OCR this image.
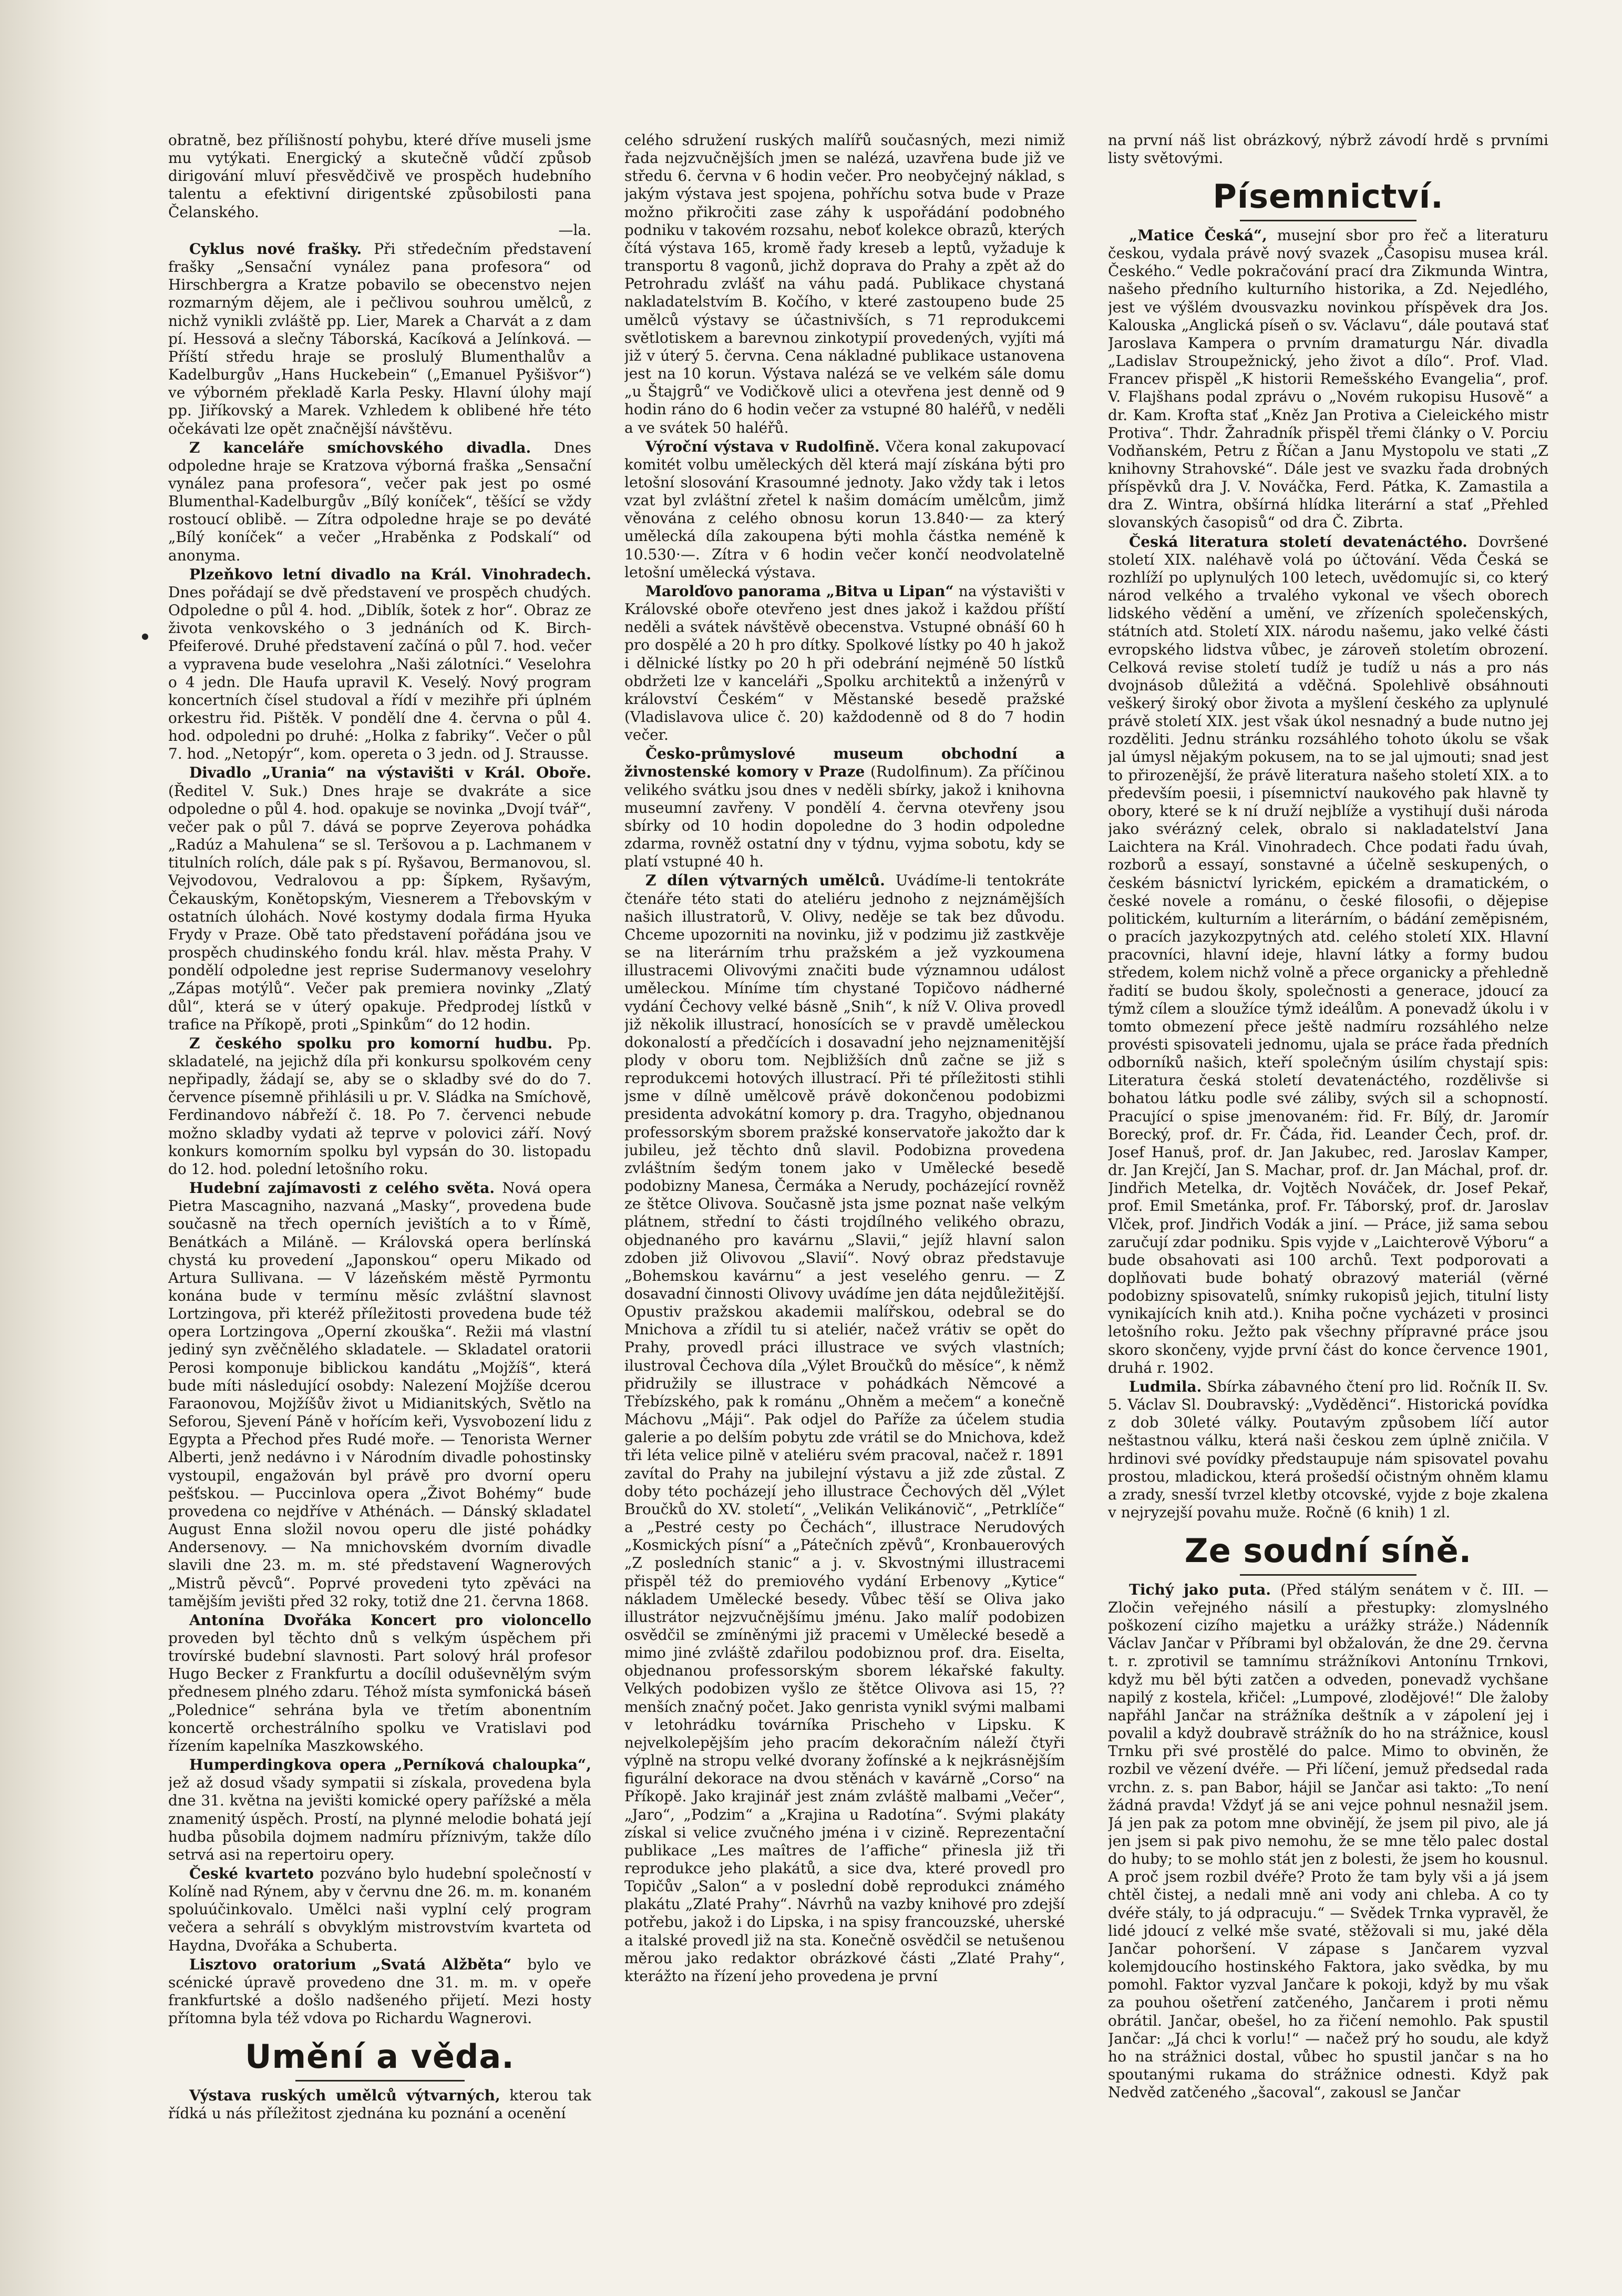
obratně, bez přílišností pohybu, které dříve museli jsme mu vytýkati. Energický a skutečně vůdčí způsob dirigování mluví přesvědčivě ve prospěch hudebního talentu a efektivní dirigentské způsobilosti pana Čelanského.
—la.

Cyklus nové frašky. Při středečním představení frašky „Sensační vynález pana profesora“ od Hirschbergra a Kratze pobavilo se obecenstvo nejen rozmarným dějem, ale i pečlivou souhrou umělců, z nichž vynikli zvláště pp. Lier, Marek a Charvát a z dam pí. Hessová a slečny Táborská, Kacíková a Jelínková. — Příští středu hraje se proslulý Blumenthalův a Kadelburgův „Hans Huckebein“ („Emanuel Pyšišvor“) ve výborném překladě Karla Pesky. Hlavní úlohy mají pp. Jiříkovský a Marek. Vzhledem k oblibené hře této očekávati lze opět značnější návštěvu.

Z kanceláře smíchovského divadla. Dnes odpoledne hraje se Kratzova výborná fraška „Sensační vynález pana profesora“, večer pak jest po osmé Blumenthal-Kadelburgův „Bílý koníček“, těšící se vždy rostoucí oblibě. — Zítra odpoledne hraje se po deváté „Bílý koníček“ a večer „Hraběnka z Podskalí“ od anonyma.

Plzeňkovo letní divadlo na Král. Vinohradech. Dnes pořádají se dvě představení ve prospěch chudých. Odpoledne o půl 4. hod. „Diblík, šotek z hor“. Obraz ze života venkovského o 3 jednáních od K. Birch-Pfeiferové. Druhé představení začíná o půl 7. hod. večer a vypravena bude veselohra „Naši zálotníci.“ Veselohra o 4 jedn. Dle Haufa upravil K. Veselý. Nový program koncertních čísel studoval a řídí v mezihře při úplném orkestru řid. Pištěk. V pondělí dne 4. června o půl 4. hod. odpoledni po druhé: „Holka z fabriky“. Večer o půl 7. hod. „Netopýr“, kom. opereta o 3 jedn. od J. Strausse.

Divadlo „Urania“ na výstavišti v Král. Oboře. (Ředitel V. Suk.) Dnes hraje se dvakráte a sice odpoledne o půl 4. hod. opakuje se novinka „Dvojí tvář“, večer pak o půl 7. dává se poprve Zeyerova pohádka „Radúz a Mahulena“ se sl. Teršovou a p. Lachmanem v titulních rolích, dále pak s pí. Ryšavou, Bermanovou, sl. Vejvodovou, Vedralovou a pp: Šípkem, Ryšavým, Čekauským, Konětopským, Viesnerem a Třebovským v ostatních úlohách. Nové kostymy dodala firma Hyuka Frydy v Praze. Obě tato představení pořádána jsou ve prospěch chudinského fondu král. hlav. města Prahy. V pondělí odpoledne jest reprise Sudermanovy veselohry „Zápas motýlů“. Večer pak premiera novinky „Zlatý důl“, která se v úterý opakuje. Předprodej lístků v trafice na Příkopě, proti „Spinkům“ do 12 hodin.

Z českého spolku pro komorní hudbu. Pp. skladatelé, na jejichž díla při konkursu spolkovém ceny nepřipadly, žádají se, aby se o skladby své do do 7. července písemně přihlásili u pr. V. Sládka na Smíchově, Ferdinandovo nábřeží č. 18. Po 7. červenci nebude možno skladby vydati až teprve v polovici září. Nový konkurs komorním spolku byl vypsán do 30. listopadu do 12. hod. polední letošního roku.

Hudební zajímavosti z celého světa. Nová opera Pietra Mascagniho, nazvaná „Masky“, provedena bude současně na třech operních jevištích a to v Římě, Benátkách a Miláně. — Královská opera berlínská chystá ku provedení „Japonskou“ operu Mikado od Artura Sullivana. — V lázeňském městě Pyrmontu konána bude v termínu měsíc zvláštní slavnost Lortzingova, při kteréž příležitosti provedena bude též opera Lortzingova „Operní zkouška“. Režii má vlastní jediný syn zvěčnělého skladatele. — Skladatel oratorii Perosi komponuje biblickou kandátu „Mojžíš“, která bude míti následující osobdy: Nalezení Mojžíše dcerou Faraonovou, Mojžíšův život u Midianitských, Světlo na Seforou, Sjevení Páně v hořícím keři, Vysvobození lidu z Egypta a Přechod přes Rudé moře. — Tenorista Werner Alberti, jenž nedávno i v Národním divadle pohostinsky vystoupil, engažován byl právě pro dvorní operu pešťskou. — Puccinlova opera „Život Bohémy“ bude provedena co nejdříve v Athénách. — Dánský skladatel August Enna složil novou operu dle jisté pohádky Andersenovy. — Na mnichovském dvorním divadle slavili dne 23. m. m. sté představení Wagnerových „Mistrů pěvců“. Poprvé provedeni tyto zpěváci na tamějším jevišti před 32 roky, totiž dne 21. června 1868.

Antonína Dvořáka Koncert pro violoncello proveden byl těchto dnů s velkým úspěchem při trovírské budební slavnosti. Part solový hrál profesor Hugo Becker z Frankfurtu a docílil oduševnělým svým přednesem plného zdaru. Téhož místa symfonická báseň „Polednice“ sehrána byla ve třetím abonentním koncertě orchestrálního spolku ve Vratislavi pod řízením kapelníka Maszkowského.

Humperdingkova opera „Perníková chaloupka“, jež až dosud všady sympatii si získala, provedena byla dne 31. května na jevišti komické opery pařížské a měla znamenitý úspěch. Prostí, na plynné melodie bohatá její hudba působila dojmem nadmíru příznivým, takže dílo setrvá asi na repertoiru opery.

České kvarteto pozváno bylo hudební společností v Kolíně nad Rýnem, aby v červnu dne 26. m. m. konaném spoluúčinkovalo. Umělci naši vyplní celý program večera a sehrálí s obvyklým mistrovstvím kvarteta od Haydna, Dvořáka a Schuberta.

Lisztovo oratorium „Svatá Alžběta“ bylo ve scénické úpravě provedeno dne 31. m. m. v opeře frankfurtské a došlo nadšeného přijetí. Mezi hosty přítomna byla též vdova po Richardu Wagnerovi.

Umění a věda.

Výstava ruských umělců výtvarných, kterou tak řídká u nás příležitost zjednána ku poznání a ocenění

celého sdružení ruských malířů současných, mezi nimiž řada nejzvučnějších jmen se nalézá, uzavřena bude již ve středu 6. června v 6 hodin večer. Pro neobyčejný náklad, s jakým výstava jest spojena, pohříchu sotva bude v Praze možno přikročiti zase záhy k uspořádání podobného podniku v takovém rozsahu, neboť kolekce obrazů, kterých čítá výstava 165, kromě řady kreseb a leptů, vyžaduje k transportu 8 vagonů, jichž doprava do Prahy a zpět až do Petrohradu zvlášť na váhu padá. Publikace chystaná nakladatelstvím B. Kočího, v které zastoupeno bude 25 umělců výstavy se účastnivších, s 71 reprodukcemi světlotiskem a barevnou zinkotypií provedených, vyjíti má již v úterý 5. června. Cena nákladné publikace ustanovena jest na 10 korun. Výstava nalézá se ve velkém sále domu „u Štajgrů“ ve Vodičkově ulici a otevřena jest denně od 9 hodin ráno do 6 hodin večer za vstupné 80 haléřů, v neděli a ve svátek 50 haléřů.

Výroční výstava v Rudolfině. Včera konal zakupovací komitét volbu uměleckých děl která mají získána býti pro letošní slosování Krasoumné jednoty. Jako vždy tak i letos vzat byl zvláštní zřetel k našim domácím umělcům, jimž věnována z celého obnosu korun 13.840·— za který umělecká díla zakoupena býti mohla částka neméně k 10.530·—. Zítra v 6 hodin večer končí neodvolatelně letošní umělecká výstava.

Marolďovo panorama „Bitva u Lipan“ na výstavišti v Královské oboře otevřeno jest dnes jakož i každou příští neděli a svátek návštěvě obecenstva. Vstupné obnáší 60 h pro dospělé a 20 h pro dítky. Spolkové lístky po 40 h jakož i dělnické lístky po 20 h při odebrání nejméně 50 lístků obdržeti lze v kanceláři „Spolku architektů a inženýrů v království Českém“ v Městanské besedě pražské (Vladislavova ulice č. 20) každodenně od 8 do 7 hodin večer.

Česko-průmyslové museum obchodní a živnostenské komory v Praze (Rudolfinum). Za příčinou velikého svátku jsou dnes v neděli sbírky, jakož i knihovna museumní zavřeny. V pondělí 4. června otevřeny jsou sbírky od 10 hodin dopoledne do 3 hodin odpoledne zdarma, rovněž ostatní dny v týdnu, vyjma sobotu, kdy se platí vstupné 40 h.

Z dílen výtvarných umělců. Uvádíme-li tentokráte čtenáře této stati do ateliéru jednoho z nejznámějších našich illustratorů, V. Olivy, neděje se tak bez důvodu. Chceme upozorniti na novinku, již v podzimu již zastkvěje se na literárním trhu pražském a jež vyzkoumena illustracemi Olivovými značiti bude významnou událost uměleckou. Míníme tím chystané Topičovo nádherné vydání Čechovy velké básně „Snih“, k níž V. Oliva provedl již několik illustrací, honosících se v pravdě uměleckou dokonalostí a předčících i dosavadní jeho nejznamenitější plody v oboru tom. Nejbližších dnů začne se již s reprodukcemi hotových illustrací. Při té příležitosti stihli jsme v dílně umělcově právě dokončenou podobizmi presidenta advokátní komory p. dra. Tragyho, objednanou professorským sborem pražské konservatoře jakožto dar k jubileu, jež těchto dnů slavil. Podobizna provedena zvláštním šedým tonem jako v Umělecké besedě podobizny Manesa, Čermáka a Nerudy, pocházející rovněž ze štětce Olivova. Současně jsta jsme poznat naše velkým plátnem, střední to části trojdílného velikého obrazu, objednaného pro kavárnu „Slavii,“ jejíž hlavní salon zdoben již Olivovou „Slavií“. Nový obraz představuje „Bohemskou kavárnu“ a jest veselého genru. — Z dosavadní činnosti Olivovy uvádíme jen dáta nejdůležitější. Opustiv pražskou akademii malířskou, odebral se do Mnichova a zřídil tu si ateliér, načež vrátiv se opět do Prahy, provedl práci illustrace ve svých vlastních; ilustroval Čechova díla „Výlet Broučků do měsíce“, k němž přidružily se illustrace v pohádkách Němcové a Třebízského, pak k románu „Ohněm a mečem“ a konečně Máchovu „Máji“. Pak odjel do Paříže za účelem studia galerie a po delším pobytu zde vrátil se do Mnichova, kdež tři léta velice pilně v ateliéru svém pracoval, načež r. 1891 zavítal do Prahy na jubilejní výstavu a již zde zůstal. Z doby této pocházejí jeho illustrace Čechových děl „Výlet Broučků do XV. století“, „Velikán Velikánovič“, „Petrklíče“ a „Pestré cesty po Čechách“, illustrace Nerudových „Kosmických písní“ a „Pátečních zpěvů“, Kronbauerových „Z posledních stanic“ a j. v. Skvostnými illustracemi přispěl též do premiového vydání Erbenovy „Kytice“ nákladem Umělecké besedy. Vůbec těší se Oliva jako illustrátor nejzvučnějšímu jménu. Jako malíř podobizen osvědčil se zmíněnými již pracemi v Umělecké besedě a mimo jiné zvláště zdařilou podobiznou prof. dra. Eiselta, objednanou professorským sborem lékařské fakulty. Velkých podobizen vyšlo ze štětce Olivova asi 15, ?? menších značný počet. Jako genrista vynikl svými malbami v letohrádku továrníka Prischeho v Lipsku. K nejvelkolepějším jeho pracím dekoračním náleží čtyři výplně na stropu velké dvorany žofínské a k nejkrásnějším figurální dekorace na dvou stěnách v kavárně „Corso“ na Příkopě. Jako krajinář jest znám zvláště malbami „Večer“, „Jaro“, „Podzim“ a „Krajina u Radotína“. Svými plakáty získal si velice zvučného jména i v cizině. Reprezentační publikace „Les maîtres de l’affiche“ přinesla již tři reprodukce jeho plakátů, a sice dva, které provedl pro Topičův „Salon“ a v poslední době reprodukci známého plakátu „Zlaté Prahy“. Návrhů na vazby knihové pro zdejší potřebu, jakož i do Lipska, i na spisy francouzské, uherské a italské provedl již na sta. Konečně osvědčil se netušenou měrou jako redaktor obrázkové části „Zlaté Prahy“, kterážto na řízení jeho provedena je první

na první náš list obrázkový, nýbrž závodí hrdě s prvními listy světovými.

Písemnictví.

„Matice Česká“, musejní sbor pro řeč a literaturu českou, vydala právě nový svazek „Časopisu musea král. Českého.“ Vedle pokračování prací dra Zikmunda Wintra, našeho předního kulturního historika, a Zd. Nejedlého, jest ve výšlém dvousvazku novinkou příspěvek dra Jos. Kalouska „Anglická píseň o sv. Václavu“, dále poutavá stať Jaroslava Kampera o prvním dramaturgu Nár. divadla „Ladislav Stroupežnický, jeho život a dílo“. Prof. Vlad. Francev přispěl „K historii Remešského Evangelia“, prof. V. Flajšhans podal zprávu o „Novém rukopisu Husově“ a dr. Kam. Krofta stať „Kněz Jan Protiva a Cieleického mistr Protiva“. Thdr. Žahradník přispěl třemi články o V. Porciu Vodňanském, Petru z Říčan a Janu Mystopolu ve stati „Z knihovny Strahovské“. Dále jest ve svazku řada drobných příspěvků dra J. V. Nováčka, Ferd. Pátka, K. Zamastila a dra Z. Wintra, obšírná hlídka literární a stať „Přehled slovanských časopisů“ od dra Č. Zibrta.

Česká literatura století devatenáctého. Dovršené století XIX. naléhavě volá po účtování. Věda Česká se rozhlíží po uplynulých 100 letech, uvědomujíc si, co který národ velkého a trvalého vykonal ve všech oborech lidského vědění a umění, ve zřízeních společenských, státních atd. Století XIX. národu našemu, jako velké části evropského lidstva vůbec, je zároveň stoletím obrození. Celková revise století tudíž je tudíž u nás a pro nás dvojnásob důležitá a vděčná. Spolehlivě obsáhnouti veškerý široký obor života a myšlení českého za uplynulé právě století XIX. jest však úkol nesnadný a bude nutno jej rozděliti. Jednu stránku rozsáhlého tohoto úkolu se však jal úmysl nějakým pokusem, na to se jal ujmouti; snad jest to přirozenější, že právě literatura našeho století XIX. a to především poesii, i písemnictví naukového pak hlavně ty obory, které se k ní druží nejblíže a vystihují duši národa jako svérázný celek, obralo si nakladatelství Jana Laichtera na Král. Vinohradech. Chce podati řadu úvah, rozborů a essayí, sonstavné a účelně seskupených, o českém básnictví lyrickém, epickém a dramatickém, o české novele a románu, o české filosofii, o dějepise politickém, kulturním a literárním, o bádání zeměpisném, o pracích jazykozpytných atd. celého století XIX. Hlavní pracovníci, hlavní ideje, hlavní látky a formy budou středem, kolem nichž volně a přece organicky a přehledně řadití se budou školy, společnosti a generace, jdoucí za týmž cílem a sloužíce týmž ideálům. A ponevadž úkolu i v tomto obmezení přece ještě nadmíru rozsáhlého nelze provésti spisovateli jednomu, ujala se práce řada předních odborníků našich, kteří společným úsilím chystají spis: Literatura česká století devatenáctého, rozdělivše si bohatou látku podle své záliby, svých sil a schopností. Pracující o spise jmenovaném: řid. Fr. Bílý, dr. Jaromír Borecký, prof. dr. Fr. Čáda, řid. Leander Čech, prof. dr. Josef Hanuš, prof. dr. Jan Jakubec, red. Jaroslav Kamper, dr. Jan Krejčí, Jan S. Machar, prof. dr. Jan Máchal, prof. dr. Jindřich Metelka, dr. Vojtěch Nováček, dr. Josef Pekař, prof. Emil Smetánka, prof. Fr. Táborský, prof. dr. Jaroslav Vlček, prof. Jindřich Vodák a jiní. — Práce, již sama sebou zaručují zdar podniku. Spis vyjde v „Laichterově Výboru“ a bude obsahovati asi 100 archů. Text podporovati a doplňovati bude bohatý obrazový materiál (věrné podobizny spisovatelů, snímky rukopisů jejich, titulní listy vynikajících knih atd.). Kniha počne vycházeti v prosinci letošního roku. Ježto pak všechny přípravné práce jsou skoro skončeny, vyjde první část do konce července 1901, druhá r. 1902.

Ludmila. Sbírka zábavného čtení pro lid. Ročník II. Sv. 5. Václav Sl. Doubravský: „Vyděděnci“. Historická povídka z dob 30leté války. Poutavým způsobem líčí autor neštastnou válku, která naši českou zem úplně zničila. V hrdinovi své povídky předstaupuje nám spisovatel povahu prostou, mladickou, která prošedší očistným ohněm klamu a zrady, snesší tvrzel kletby otcovské, vyjde z boje zkalena v nejryzejší povahu muže. Ročně (6 knih) 1 zl.

Ze soudní síně.

Tichý jako puta. (Před stálým senátem v č. III. — Zločin veřejného násilí a přestupky: zlomyslného poškození cizího majetku a urážky stráže.) Nádenník Václav Jančar v Příbrami byl obžalován, že dne 29. června t. r. zprotivil se tamnímu strážníkovi Antonínu Trnkovi, když mu běl býti zatčen a odveden, ponevadž vychšane napilý z kostela, křičel: „Lumpové, zlodějové!“ Dle žaloby napřáhl Jančar na strážníka deštník a v zápolení jej i povalil a když doubravě strážník do ho na strážnice, kousl Trnku při své prostělé do palce. Mimo to obviněn, že rozbil ve vězení dvéře. — Při líčení, jemuž předsedal rada vrchn. z. s. pan Babor, hájil se Jančar asi takto: „To není žádná pravda! Vždyť já se ani vejce pohnul nesnažil jsem. Já jen pak za potom mne obvinějí, že jsem pil pivo, ale já jen jsem si pak pivo nemohu, že se mne tělo palec dostal do huby; to se mohlo stát jen z bolesti, že jsem ho kousnul. A proč jsem rozbil dvéře? Proto že tam byly vši a já jsem chtěl čistej, a nedali mně ani vody ani chleba. A co ty dvéře stály, to já odpracuju.“ — Svědek Trnka vypravěl, že lidé jdoucí z velké mše svaté, stěžovali si mu, jaké děla Jančar pohoršení. V zápase s Jančarem vyzval kolemjdoucího hostinského Faktora, jako svědka, by mu pomohl. Faktor vyzval Jančare k pokoji, když by mu však za pouhou ošetření zatčeného, Jančarem i proti němu obrátil. Jančar, obešel, ho za řičení nemohlo. Pak spustil Jančar: „Já chci k vorlu!“ — načež prý ho soudu, ale když ho na strážnici dostal, vůbec ho spustil jančar s na ho spoutanými rukama do strážnice odnesti. Když pak Nedvěd zatčeného „šacoval“, zakousl se Jančar
